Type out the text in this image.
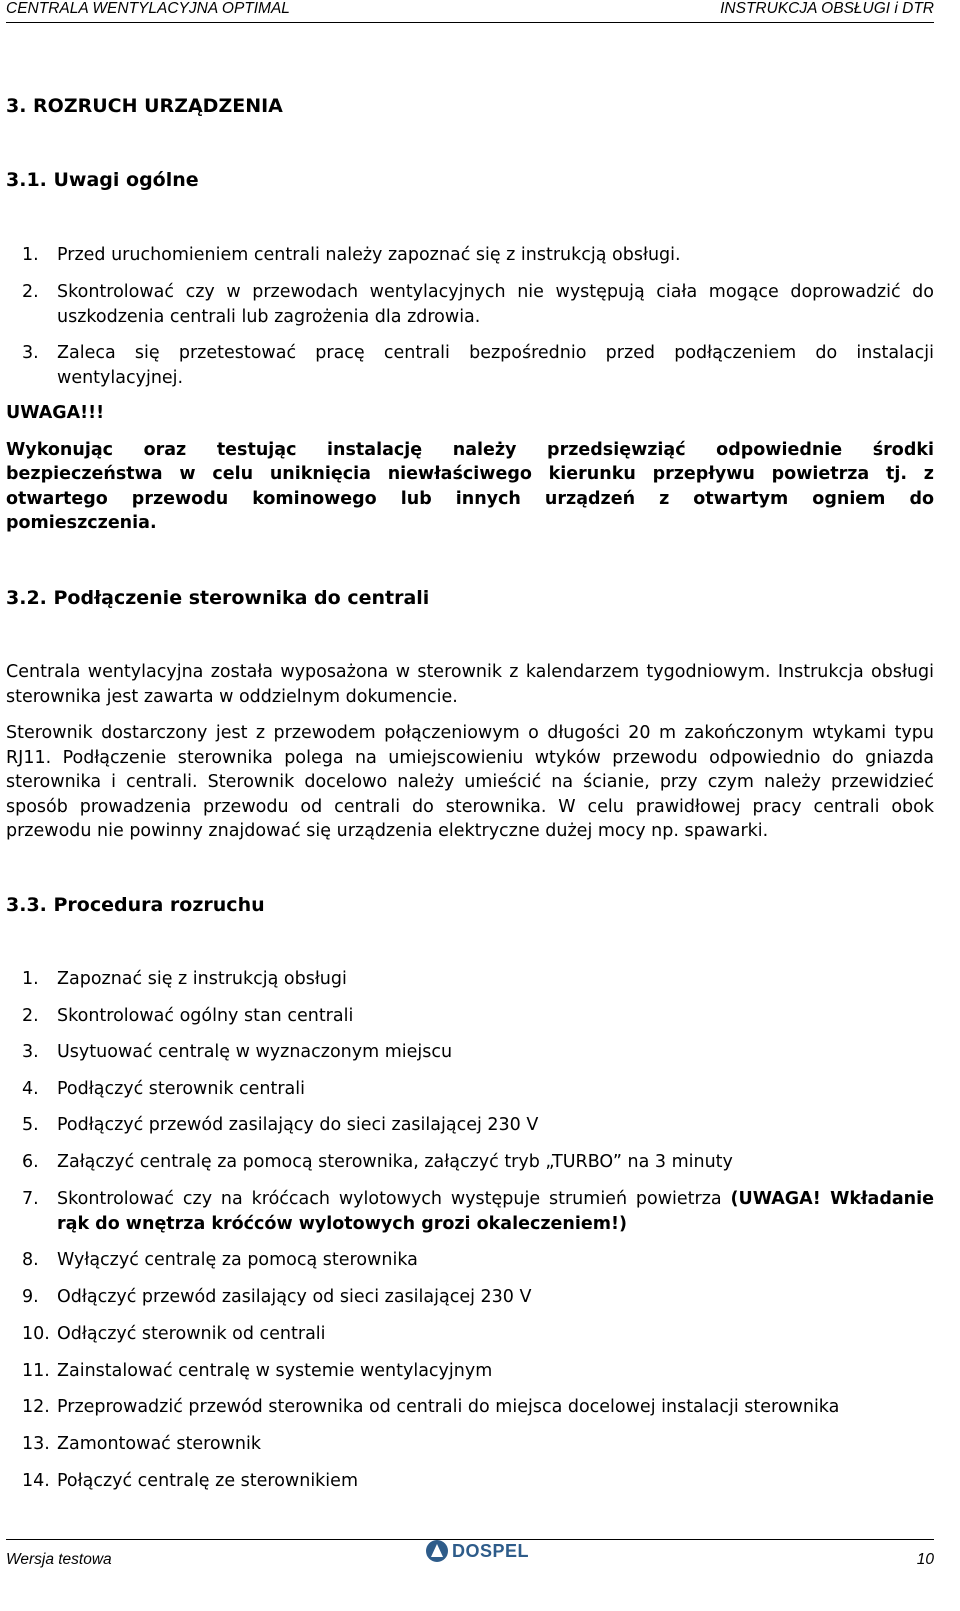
CENTRALA WENTYLACYJNA OPTIMAL	INSTRUKCJA OBSŁUGI i DTR
3. ROZRUCH URZĄDZENIA
3.1. Uwagi ogólne
1. Przed uruchomieniem centrali należy zapoznać się z instrukcją obsługi.
2. Skontrolować czy w przewodach wentylacyjnych nie występują ciała mogące doprowadzić do uszkodzenia centrali lub zagrożenia dla zdrowia.
3. Zaleca się przetestować pracę centrali bezpośrednio przed podłączeniem do instalacji wentylacyjnej.
UWAGA!!!
Wykonując oraz testując instalację należy przedsięwziąć odpowiednie środki bezpieczeństwa w celu uniknięcia niewłaściwego kierunku przepływu powietrza tj. z otwartego przewodu kominowego lub innych urządzeń z otwartym ogniem do pomieszczenia.
3.2. Podłączenie sterownika do centrali

Centrala wentylacyjna została wyposażona w sterownik z kalendarzem tygodniowym. Instrukcja obsługi sterownika jest zawarta w oddzielnym dokumencie.

Sterownik dostarczony jest z przewodem połączeniowym o długości 20 m zakończonym wtykami typu RJ11. Podłączenie sterownika polega na umiejscowieniu wtyków przewodu odpowiednio do gniazda sterownika i centrali. Sterownik docelowo należy umieścić na ścianie, przy czym należy przewidzieć sposób prowadzenia przewodu od centrali do sterownika. W celu prawidłowej pracy centrali obok przewodu nie powinny znajdować się urządzenia elektryczne dużej mocy np. spawarki.

3.3. Procedura rozruchu
1. Zapoznać się z instrukcją obsługi
2. Skontrolować ogólny stan centrali
3. Usytuować centralę w wyznaczonym miejscu
4. Podłączyć sterownik centrali
5. Podłączyć przewód zasilający do sieci zasilającej 230 V
6. Załączyć centralę za pomocą sterownika, załączyć tryb „TURBO” na 3 minuty
7. Skontrolować czy na króćcach wylotowych występuje strumień powietrza (UWAGA! Wkładanie rąk do wnętrza króćców wylotowych grozi okaleczeniem!)
8. Wyłączyć centralę za pomocą sterownika
9. Odłączyć przewód zasilający od sieci zasilającej 230 V
10. Odłączyć sterownik od centrali
11. Zainstalować centralę w systemie wentylacyjnym
12. Przeprowadzić przewód sterownika od centrali do miejsca docelowej instalacji sterownika
13. Zamontować sterownik
14. Połączyć centralę ze sterownikiem
Wersja testowa	DOSPEL	10
